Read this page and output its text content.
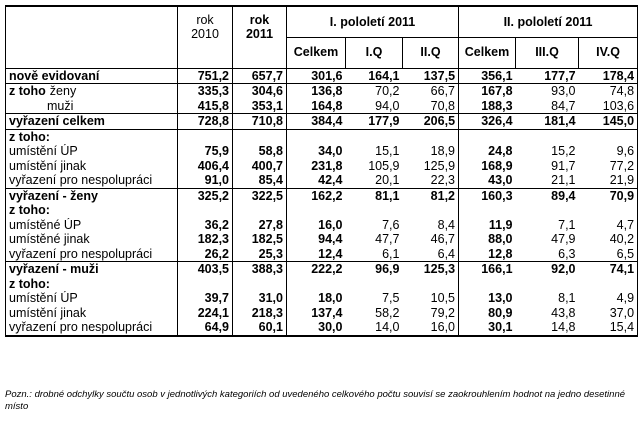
	rok 2010	rok 2011	I. pololetí 2011			II. pololetí 2011		
			Celkem	I.Q	II.Q	Celkem	III.Q	IV.Q
nově evidovaní	751,2	657,7	301,6	164,1	137,5	356,1	177,7	178,4
z toho ženy	335,3	304,6	136,8	70,2	66,7	167,8	93,0	74,8
muži	415,8	353,1	164,8	94,0	70,8	188,3	84,7	103,6
vyřazení celkem	728,8	710,8	384,4	177,9	206,5	326,4	181,4	145,0
z toho:								
umístění ÚP	75,9	58,8	34,0	15,1	18,9	24,8	15,2	9,6
umístění jinak	406,4	400,7	231,8	105,9	125,9	168,9	91,7	77,2
vyřazení pro nespolupráci	91,0	85,4	42,4	20,1	22,3	43,0	21,1	21,9
vyřazení - ženy	325,2	322,5	162,2	81,1	81,2	160,3	89,4	70,9
z toho:								
umístěné ÚP	36,2	27,8	16,0	7,6	8,4	11,9	7,1	4,7
umístěné jinak	182,3	182,5	94,4	47,7	46,7	88,0	47,9	40,2
vyřazení pro nespolupráci	26,2	25,3	12,4	6,1	6,4	12,8	6,3	6,5
vyřazení - muži	403,5	388,3	222,2	96,9	125,3	166,1	92,0	74,1
z toho:								
umístění ÚP	39,7	31,0	18,0	7,5	10,5	13,0	8,1	4,9
umístění jinak	224,1	218,3	137,4	58,2	79,2	80,9	43,8	37,0
vyřazení pro nespolupráci	64,9	60,1	30,0	14,0	16,0	30,1	14,8	15,4
Pozn.: drobné odchylky součtu osob v jednotlivých kategoriích od uvedeného celkového počtu souvisí se zaokrouhlením hodnot na jedno desetinné místo
